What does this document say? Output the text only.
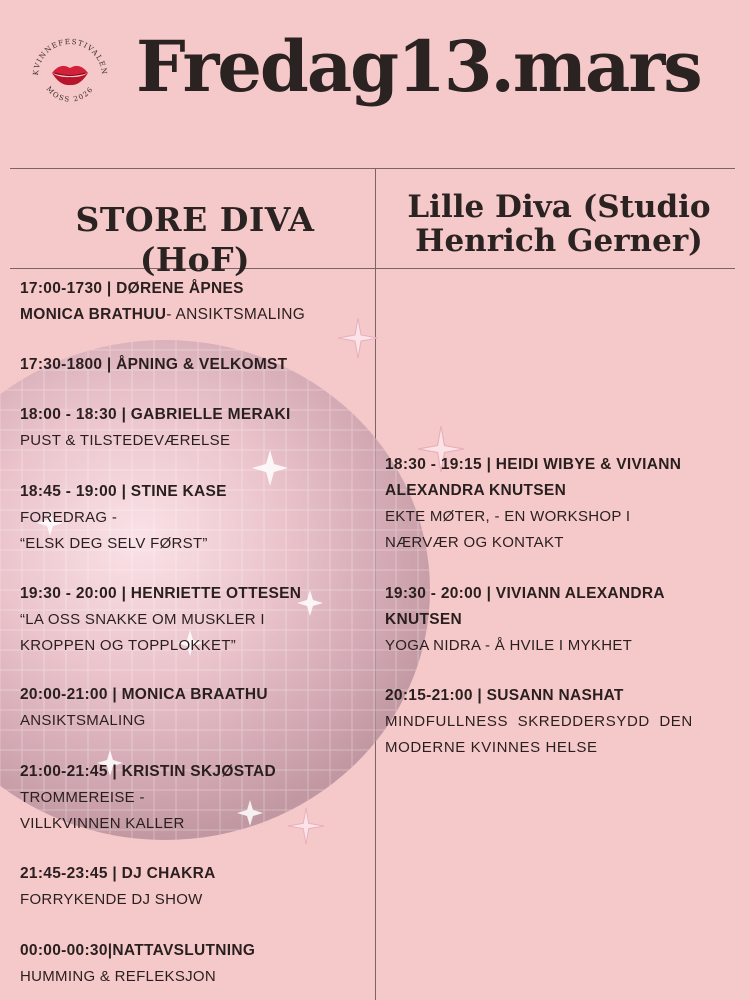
KVINNEFESTIVALEN
MOSS 2026 Fredag13.mars
STORE DIVA (HoF)
Lille Diva (Studio
Henrich Gerner)
17:00-1730 | DØRENE ÅPNES
MONICA BRATHUU- ANSIKTSMALING
17:30-1800 | ÅPNING & VELKOMST
18:00 - 18:30 | GABRIELLE MERAKI
PUST & TILSTEDEVÆRELSE
18:45 - 19:00 | STINE KASE
FOREDRAG -
“ELSK DEG SELV FØRST”
19:30 - 20:00 | HENRIETTE OTTESEN
“LA OSS SNAKKE OM MUSKLER I
KROPPEN OG TOPPLOKKET”
20:00-21:00 | MONICA BRAATHU
ANSIKTSMALING
21:00-21:45 | KRISTIN SKJØSTAD
TROMMEREISE -
VILLKVINNEN KALLER
21:45-23:45 | DJ CHAKRA
FORRYKENDE DJ SHOW
00:00-00:30|NATTAVSLUTNING
HUMMING & REFLEKSJON
18:30 - 19:15 | HEIDI WIBYE & VIVIANN
ALEXANDRA KNUTSEN
EKTE MØTER, - EN WORKSHOP I
NÆRVÆR OG KONTAKT
19:30 - 20:00 | VIVIANN ALEXANDRA
KNUTSEN
YOGA NIDRA - Å HVILE I MYKHET
20:15-21:00 | SUSANN NASHAT
MINDFULLNESS  SKREDDERSYDD  DEN
MODERNE KVINNES HELSE
